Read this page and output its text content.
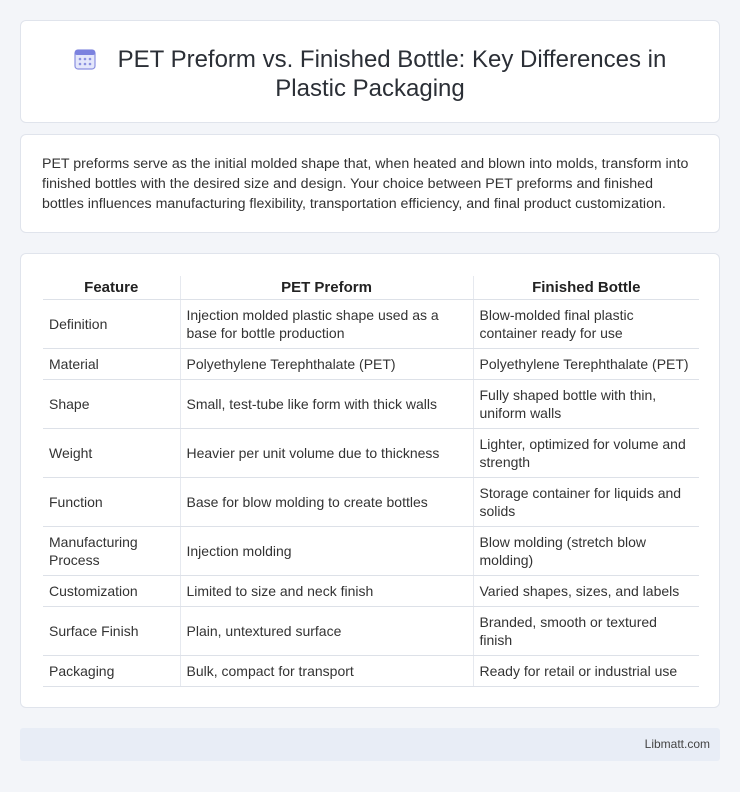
PET Preform vs. Finished Bottle: Key Differences in Plastic Packaging

PET preforms serve as the initial molded shape that, when heated and blown into molds, transform into finished bottles with the desired size and design. Your choice between PET preforms and finished bottles influences manufacturing flexibility, transportation efficiency, and final product customization.

Feature	PET Preform	Finished Bottle
Definition	Injection molded plastic shape used as a base for bottle production	Blow-molded final plastic container ready for use
Material	Polyethylene Terephthalate (PET)	Polyethylene Terephthalate (PET)
Shape	Small, test-tube like form with thick walls	Fully shaped bottle with thin, uniform walls
Weight	Heavier per unit volume due to thickness	Lighter, optimized for volume and strength
Function	Base for blow molding to create bottles	Storage container for liquids and solids
Manufacturing Process	Injection molding	Blow molding (stretch blow molding)
Customization	Limited to size and neck finish	Varied shapes, sizes, and labels
Surface Finish	Plain, untextured surface	Branded, smooth or textured finish
Packaging	Bulk, compact for transport	Ready for retail or industrial use
Libmatt.com
